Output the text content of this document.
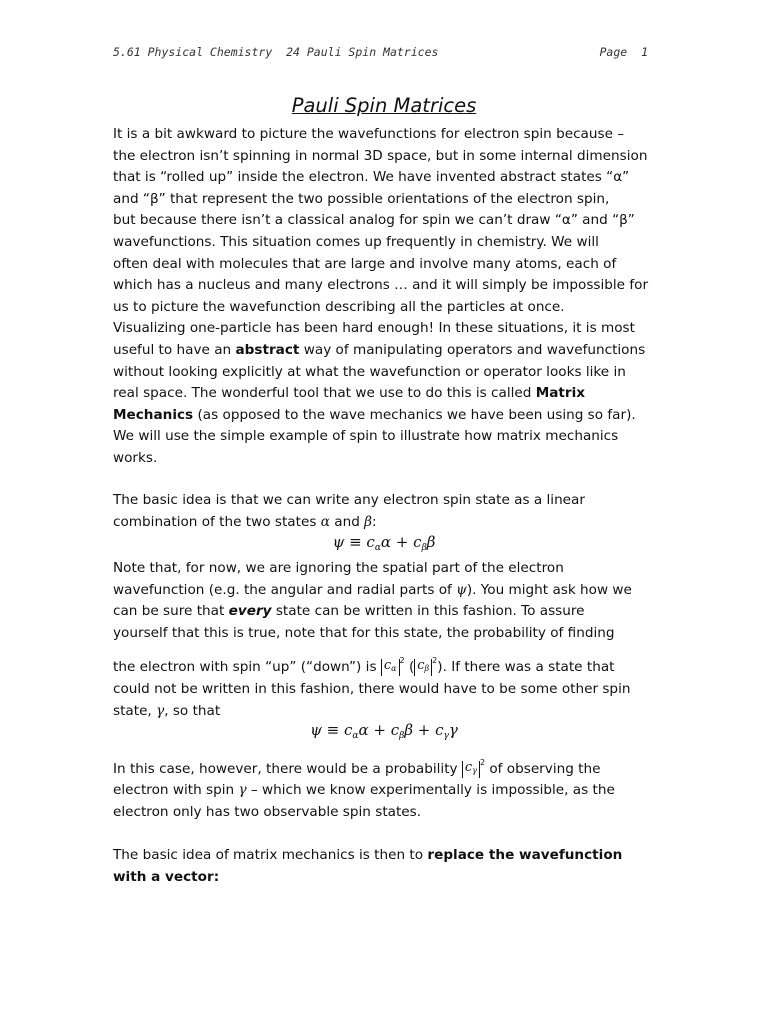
5.61 Physical Chemistry 24 Pauli Spin Matrices	Page 1
Pauli Spin Matrices
It is a bit awkward to picture the wavefunctions for electron spin because –
the electron isn’t spinning in normal 3D space, but in some internal dimension
that is “rolled up” inside the electron. We have invented abstract states “α”
and “β” that represent the two possible orientations of the electron spin,
but because there isn’t a classical analog for spin we can’t draw “α” and “β”
wavefunctions. This situation comes up frequently in chemistry. We will
often deal with molecules that are large and involve many atoms, each of
which has a nucleus and many electrons … and it will simply be impossible for
us to picture the wavefunction describing all the particles at once.
Visualizing one-particle has been hard enough! In these situations, it is most
useful to have an abstract way of manipulating operators and wavefunctions
without looking explicitly at what the wavefunction or operator looks like in
real space. The wonderful tool that we use to do this is called Matrix
Mechanics (as opposed to the wave mechanics we have been using so far).
We will use the simple example of spin to illustrate how matrix mechanics
works.
The basic idea is that we can write any electron spin state as a linear
combination of the two states α and β:
$\psi \equiv c_\alpha\alpha + c_\beta\beta$
Note that, for now, we are ignoring the spatial part of the electron
wavefunction (e.g. the angular and radial parts of ψ). You might ask how we
can be sure that every state can be written in this fashion. To assure
yourself that this is true, note that for this state, the probability of finding
the electron with spin “up” (“down”) is $c_\alpha^2$ ( $c_\beta^2$). If there was a state that
could not be written in this fashion, there would have to be some other spin
state, γ, so that
$\psi \equiv c_\alpha\alpha + c_\beta\beta + c_\gamma\gamma$
In this case, however, there would be a probability $c_\gamma^2$ of observing the
electron with spin γ – which we know experimentally is impossible, as the
electron only has two observable spin states.
The basic idea of matrix mechanics is then to replace the wavefunction
with a vector:
